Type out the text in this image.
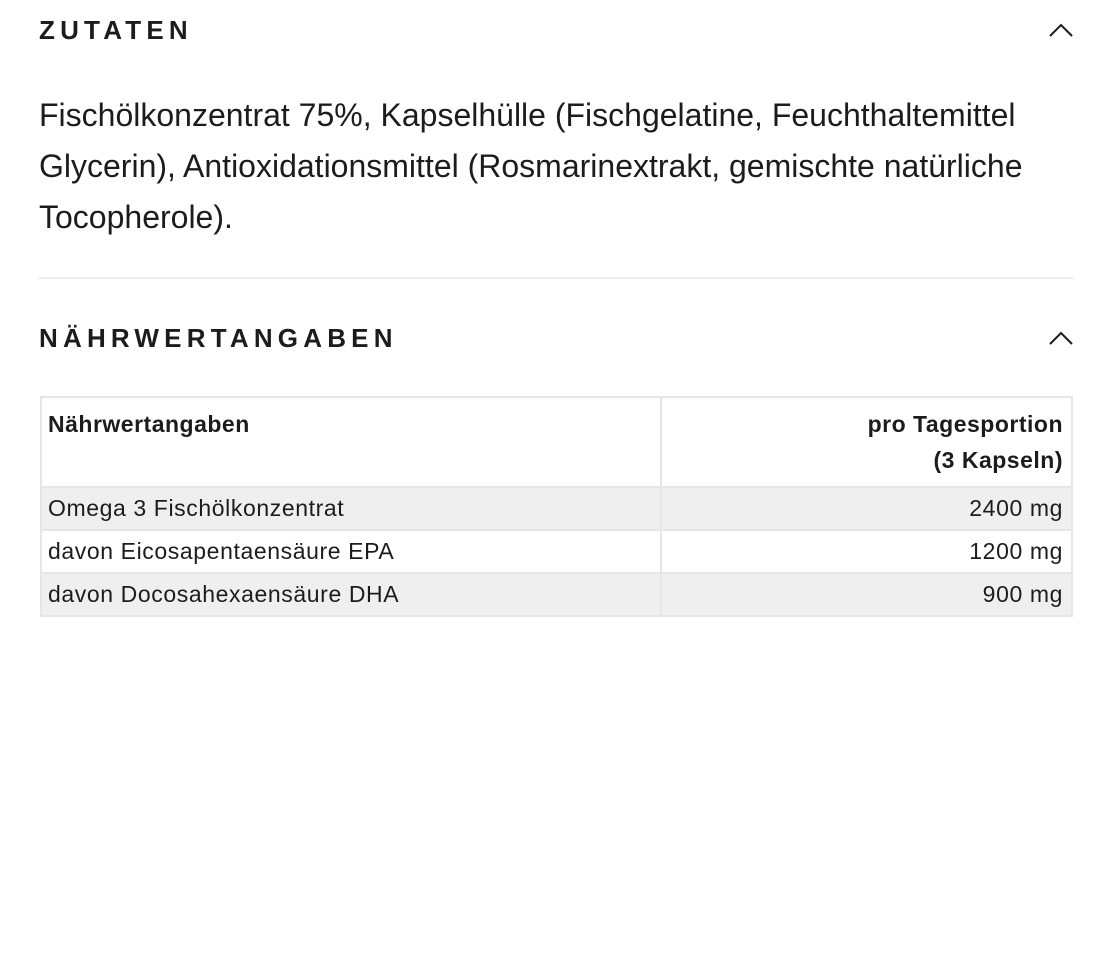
ZUTATEN

Fischölkonzentrat 75%, Kapselhülle (Fischgelatine, Feuchthaltemittel Glycerin), Antioxidationsmittel (Rosmarinextrakt, gemischte natürliche Tocopherole).

NÄHRWERTANGABEN
Nährwertangaben	pro Tagesportion
(3 Kapseln)
Omega 3 Fischölkonzentrat	2400 mg
davon Eicosapentaensäure EPA	1200 mg
davon Docosahexaensäure DHA	900 mg
